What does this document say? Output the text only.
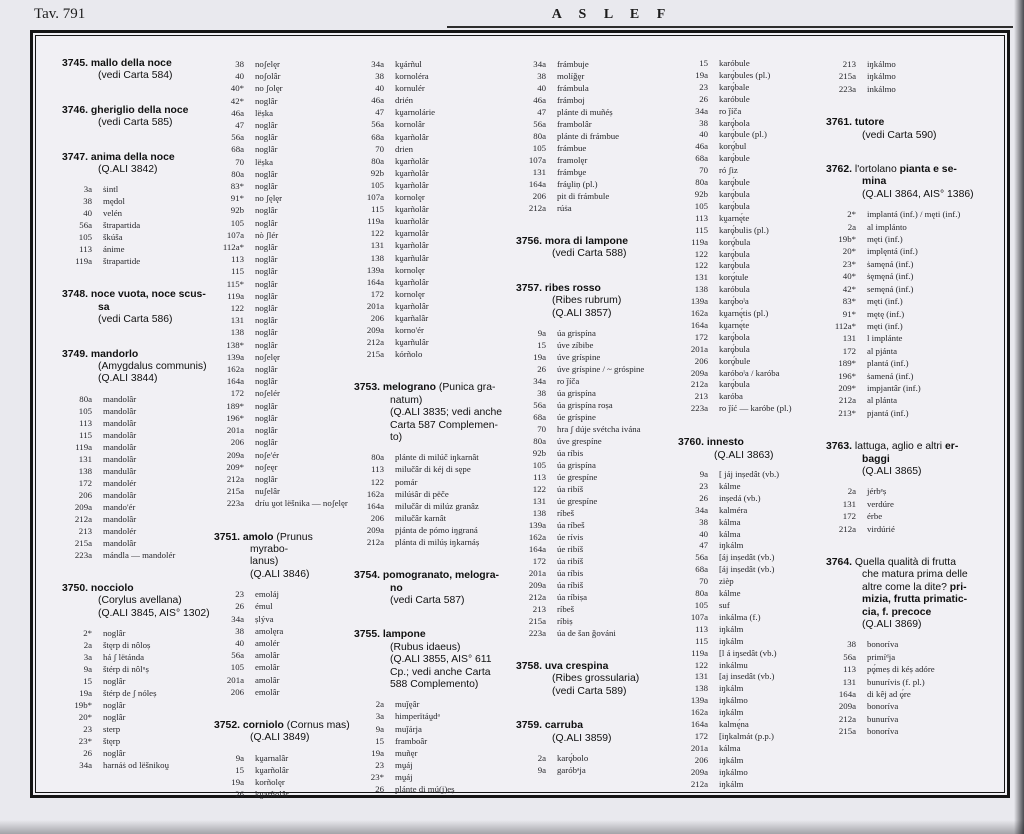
Tav. 791	A S L E F
3745. mallo della noce
(vedi Carta 584)
3746. gheriglio della noce
(vedi Carta 585)
3747. anima della noce
(Q.ALI 3842)
3a ṡintl
38 mędol
40 velén
56a štrapartida
105 škúša
113 ánime
119a štrapartide
3748. noce vuota, noce scus-
sa
(vedi Carta 586)
3749. mandorlo
(Amygdalus communis)
(Q.ALI 3844)
80a mandolâr
105 mandolâr
113 mandolâr
115 mandolâr
119a mandolâr
131 mandolâr
138 mandulâr
172 mandolér
206 mandolâr
209a mando'ér
212a mandolâr
213 mandolér
215a mandolâr
223a mándla — mandolér
3750. nocciolo
(Corylus avellana)
(Q.ALI 3845, AIS° 1302)
2* noglâr
2a štęrp di nôloṣ
3a há ʃ lëtánda
9a štérp di nôlᵘṣ
15 noglâr
19a štérp de ʃ nóleṣ
19b* noglâr
20* noglâr
23 sterp
23* štęrp
26 noglâr
34a harnáṡ od lëšnikoṷ
38 noʃelęr
40 noʃolâr
40* no ʃolęr
42* noglâr
46a lëṣka
47 noglâr
56a noglâr
68a noglâr
70 lëṣka
80a noglâr
83* noglâr
91* no ʃęlęr
92b noglâr
105 noglâr
107a nò ʃlér
112a* noglâr
113 noglâr
115 noglâr
115* noglâr
119a noglâr
122 noglâr
131 noglâr
138 noglâr
138* noglâr
139a noʃelęr
162a noglâr
164a noglâr
172 noʃelér
189* noglâr
196* noglâr
201a noglâr
206 noglâr
209a noʃe'ér
209* noʃeęr
212a noglâr
215a nuʃelâr
223a dríu ṷot lëšnika — noʃelęr
3751. amolo (Prunus myrabo-
lanus)
(Q.ALI 3846)
23 emoláj
26 émul
34a ṣlýva
38 amolęra
40 amolér
56a amolâr
105 emolâr
201a amolâr
206 emolâr
3752. corniolo (Cornus mas)
(Q.ALI 3849)
9a kṷarnalâr
15 kṷarñolâr
19a korñolęr
26 kṷarñolâr
34a kṷárñul
38 kornoléra
40 kornulér
46a drién
47 kṷarnolárie
56a kornolâr
68a kṷarñolâr
70 drien
80a kṷarñolâr
92b kṷarñolâr
105 kṷarñolâr
107a kornolęr
115 kṷarñolâr
119a kuarñolâr
122 kṷarnolâr
131 kṷarñolâr
138 kṷarñulâr
139a kornolęr
164a kṷarñolâr
172 kornolęr
201a kṷarñolâr
206 kṷarñalâr
209a korno'ér
212a kṷarñulâr
215a kórñolo
3753. melograno (Punica gra-
natum)
(Q.ALI 3835; vedi anche
Carta 587 Complemen-
to)
80a plánte di milúč iŋkarnât
113 milučâr di kéj di sępe
122 pomár
162a milúṡâr di pëče
164a milučâr di milúz granâz
206 milučâr karnât
209a pjánta de pómo iŋgraná
212a plánta di milúṣ iŋkarnáṣ
3754. pomogranato, melogra-
no
(vedi Carta 587)
3755. lampone
(Rubus idaeus)
(Q.ALI 3855, AIS° 611
Cp.; vedi anche Carta
588 Complemento)
2a muǰęâr
3a himperïtáṷdᵃ
9a muǰárja
15 framboâr
19a muñęr
23 mṷáj
23* mṷáj
26 plánte di mú(j)eṣ
34a frámbuje
38 molíǧęr
40 frámbula
46a frámboj
47 plánte di muñéṣ
56a frambolâr
80a plánte di frámbue
105 frámbue
107a framolęr
131 frámbṷe
164a fráṷliṇ (pl.)
206 pit di frámbule
212a rúṡa
3756. mora di lampone
(vedi Carta 588)
3757. ribes rosso
(Ribes rubrum)
(Q.ALI 3857)
9a úa grispína
15 úve zíbibe
19a úve gríspine
26 úve gríspine / ~ gróspine
34a ro ǰíča
38 úa grispína
56a úa grispína roṣa
68a úe gríspine
70 hra ʃ dúje svétcha ivána
80a úve grespíne
92b úa ríbis
105 úa grispína
113 úe grespíne
122 úa ribíš
131 úe grespíne
138 ríbeš
139a úa ríbeš
162a úe rívis
164a úe ribíš
172 úa ribíš
201a úa ríbis
209a úa ríbiš
212a úa ríbiṣa
213 ríbeš
215a ríbiṣ
223a úa de šan ǧováni
3758. uva crespina
(Ribes grossularia)
(vedi Carta 589)
3759. carruba
(Q.ALI 3859)
2a karǫ́bolo
9a garóbᵃja
15 karóbule
19a karǫ́bules (pl.)
23 karǫ́bale
26 karóbule
34a ro ǰíča
38 karǫ́bola
40 karǫ́bule (pl.)
46a korǫ́bul
68a karǫ́bule
70 ró ʃiz
80a karǫ́bule
92b karǫ́bula
105 karǫ́bula
113 kṷarnę́te
115 karǫ́bulis (pl.)
119a korǫ́bula
122 karǫ́bula
122 karǫ́bula
131 korǫ́tule
138 karóbula
139a karǫ́boˡa
162a kṷarnę́tis (pl.)
164a kṷarnę́te
172 karǫ́bola
201a karǫ́bula
206 korǫ́bule
209a karóboˡa / karóba
212a karǫ́bula
213 karóba
223a ro ǰíć — karóbe (pl.)
3760. innesto
(Q.ALI 3863)
9a [ jáj inṣedât (vb.)
23 kálme
26 inṣedá (vb.)
34a kalméra
38 kálma
40 kálma
47 iŋkálm
56a [áj inṣedât (vb.)
68a [áj inṣedât (vb.)
70 zièp
80a kálme
105 suf
107a inkálma (f.)
113 iŋkálm
115 iŋkálm
119a [l á iŋsedât (vb.)
122 inkálmu
131 [aj insedât (vb.)
138 iŋkálm
139a iŋkálmo
162a iŋkálm
164a kalmę́na
172 [iŋkalmát (p.p.)
201a kálma
206 iŋkálm
209a iŋkálmo
212a iŋkálm
213 iŋkálmo
215a iŋkálmo
223a inkálmo
3761. tutore
(vedi Carta 590)
3762. l'ortolano pianta e se-
mina
(Q.ALI 3864, AIS° 1386)
2* implantá (inf.) / męti (inf.)
2a al implánto
19b* męti (inf.)
20* implęntá (inf.)
23* ṡamęná (inf.)
40* ṡęmęná (inf.)
42* semęná (inf.)
83* męti (inf.)
91* mętę (inf.)
112a* męti (inf.)
131 l implánte
172 al pjánta
189* plantá (inf.)
196* ṡamená (inf.)
209* impjantâr (inf.)
212a al plánta
213* pjantá (inf.)
3763. lattuga, aglio e altri er-
baggi
(Q.ALI 3865)
2a jérbᵉṣ
131 verdúre
172 érbe
212a virdúrié
3764. Quella qualità di frutta
che matura prima delle
altre come la dite? pri-
mizia, frutta primatic-
cia, f. precoce
(Q.ALI 3869)
38 bonoríva
56a primíᵈja
113 pǫ́meṣ di kéṣ adóre
131 bunurívis (f. pl.)
164a di kêj ad ǫ́re
209a bonoríva
212a bunuríva
215a bonoríva
